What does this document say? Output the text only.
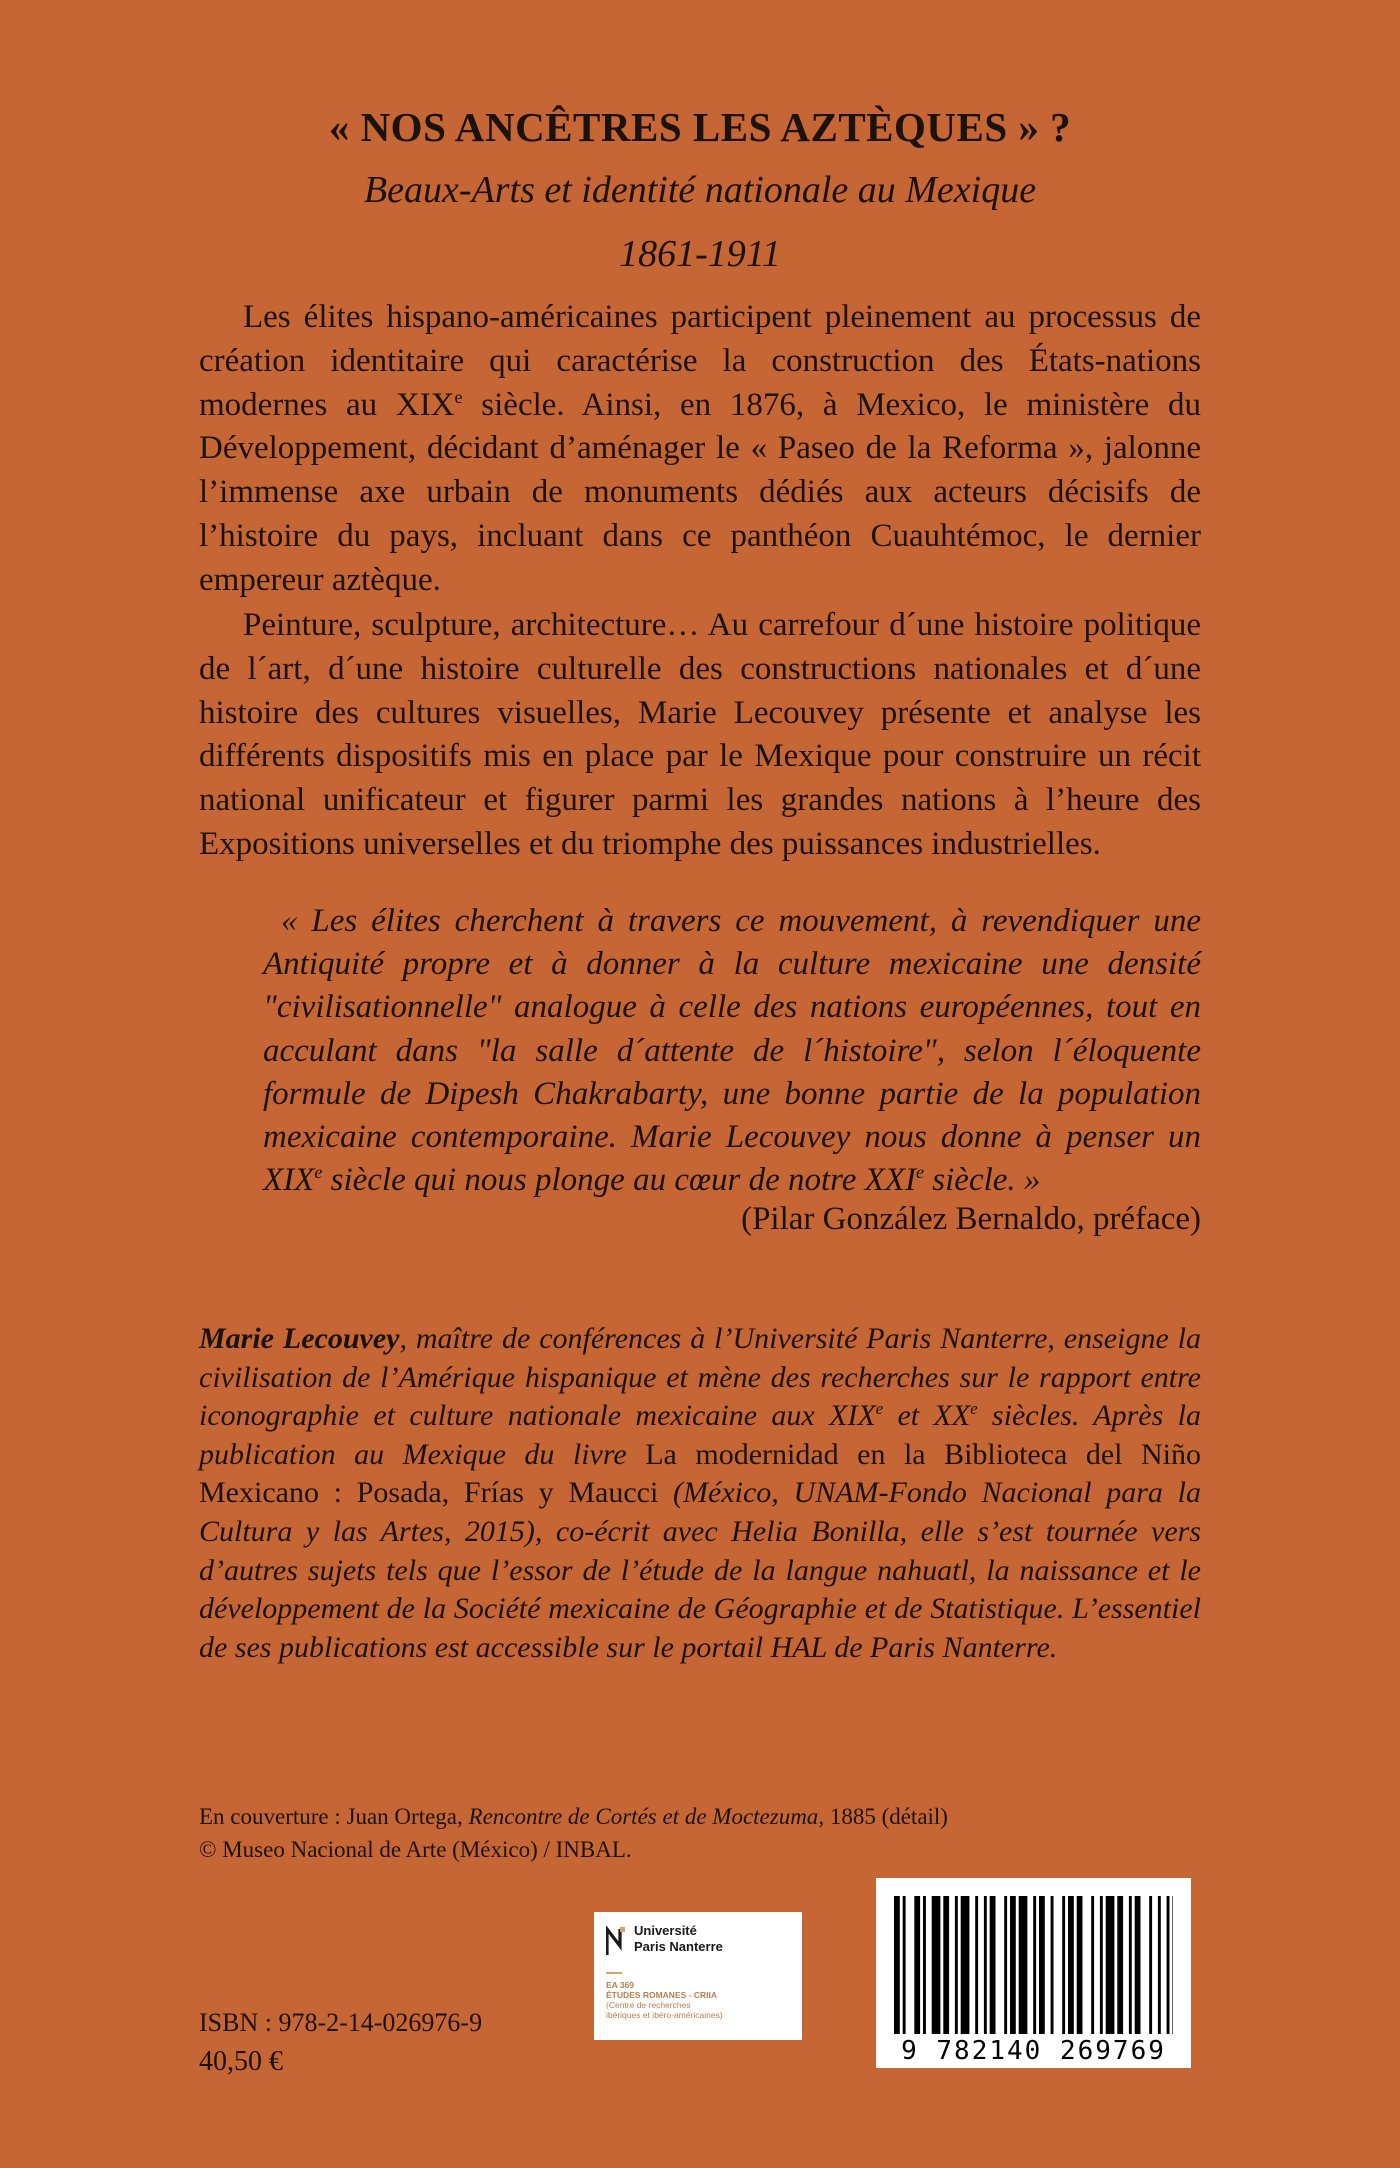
« NOS ANCÊTRES LES AZTÈQUES » ?
Beaux-Arts et identité nationale au Mexique
1861-1911

Les élites hispano-américaines participent pleinement au processus de création identitaire qui caractérise la construction des États-nations modernes au XIXe siècle. Ainsi, en 1876, à Mexico, le ministère du Développement, décidant d’aménager le « Paseo de la Reforma », jalonne l’immense axe urbain de monuments dédiés aux acteurs décisifs de l’histoire du pays, incluant dans ce panthéon Cuauhtémoc, le dernier empereur aztèque.

Peinture, sculpture, architecture… Au carrefour d´une histoire politique de l´art, d´une histoire culturelle des constructions nationales et d´une histoire des cultures visuelles, Marie Lecouvey présente et analyse les différents dispositifs mis en place par le Mexique pour construire un récit national unificateur et figurer parmi les grandes nations à l’heure des Expositions universelles et du triomphe des puissances industrielles.

« Les élites cherchent à travers ce mouvement, à revendiquer une Antiquité propre et à donner à la culture mexicaine une densité "civilisationnelle" analogue à celle des nations européennes, tout en acculant dans "la salle d´attente de l´histoire", selon l´éloquente formule de Dipesh Chakrabarty, une bonne partie de la population mexicaine contemporaine. Marie Lecouvey nous donne à penser un XIXe siècle qui nous plonge au cœur de notre XXIe siècle. »

(Pilar González Bernaldo, préface)

Marie Lecouvey, maître de conférences à l’Université Paris Nanterre, enseigne la civilisation de l’Amérique hispanique et mène des recherches sur le rapport entre iconographie et culture nationale mexicaine aux XIXe et XXe siècles. Après la publication au Mexique du livre La modernidad en la Biblioteca del Niño Mexicano : Posada, Frías y Maucci (México, UNAM-Fondo Nacional para la Cultura y las Artes, 2015), co-écrit avec Helia Bonilla, elle s’est tournée vers d’autres sujets tels que l’essor de l’étude de la langue nahuatl, la naissance et le développement de la Société mexicaine de Géographie et de Statistique. L’essentiel de ses publications est accessible sur le portail HAL de Paris Nanterre.

En couverture : Juan Ortega, Rencontre de Cortés et de Moctezuma, 1885 (détail)
© Museo Nacional de Arte (México) / INBAL.
Université
Paris Nanterre
EA 369
ÉTUDES ROMANES - CRIIA
(Centre de recherches
ibériques et ibéro-américaines)
9 782140 269769
ISBN : 978-2-14-026976-9
40,50 €
